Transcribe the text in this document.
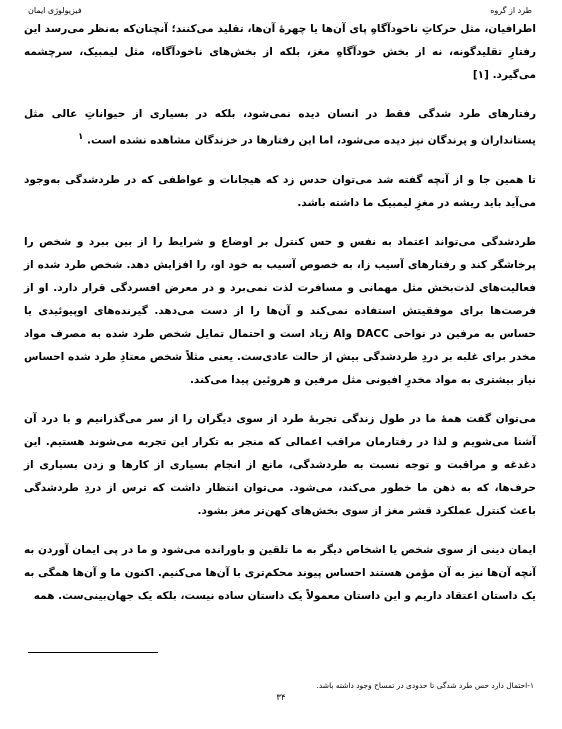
طرد از گروه
فیزیولوژی ایمان

اطرافیان، مثل حرکاتِ ناخودآگاهِ پای آن‌ها یا چهرهٔ آن‌ها، تقلید می‌کنند؛ آنچنان‌که به‌نظر می‌رسد این رفتارِ تقلیدگونه، نه از بخش خودآگاهِ مغز، بلکه از بخش‌های ناخودآگاه، مثل لیمبیک، سرچشمه می‌گیرد. [۱]

رفتارهای طرد شدگی فقط در انسان دیده نمی‌شود، بلکه در بسیاری از حیواناتِ عالی مثل پستانداران و پرندگان نیز دیده می‌شود، اما این رفتارها در خزندگان مشاهده نشده است. $^۱$

تا همین جا و از آنچه گفته شد می‌توان حدس زد که هیجانات و عواطفی که در طردشدگی به‌وجود می‌آید باید ریشه در مغزِ لیمبیک ما داشته باشد.

طردشدگی می‌تواند اعتماد به نفس و حس کنترل بر اوضاع و شرایط را از بین ببرد و شخص را پرخاشگر کند و رفتارهای آسیب زا، به خصوص آسیب به خود او، را افزایش دهد. شخص طرد شده از فعالیت‌های لذت‌بخش مثل مهمانی و مسافرت لذت نمی‌برد و در معرض افسردگی قرار دارد. او از فرصت‌ها برای موفقیتش استفاده نمی‌کند و آن‌ها را از دست می‌دهد. گیرنده‌های اوپیوئیدی یا حساس به مرفین در نواحی DACC وAI زیاد است و احتمال تمایل شخص طرد شده به مصرف مواد مخدر برای غلبه بر دردِ طردشدگی بیش از حالت عادی‌ست. یعنی مثلاً شخص معتادِ طرد شده احساس نیاز بیشتری به مواد مخدرِ افیونی مثل مرفین و هروئین پیدا می‌کند.

می‌توان گفت همهٔ ما در طول زندگی تجربهٔ طرد از سوی دیگران را از سر می‌گذرانیم و با درد آن آشنا می‌شویم و لذا در رفتارمان مراقب اعمالی که منجر به تکرار این تجربه می‌شوند هستیم. این دغدغه و مراقبت و توجه نسبت به طردشدگی، مانع از انجام بسیاری از کارها و زدن بسیاری از حرف‌ها، که به ذهن ما خطور می‌کند، می‌شود. می‌توان انتظار داشت که ترس از دردِ طردشدگی باعث کنترل عملکرد قشر مغز از سوی بخش‌های کهن‌تر مغز بشود.

ایمان دینی از سوی شخص یا اشخاص دیگر به ما تلقین و باورانده می‌شود و ما در پی ایمان آوردن به آنچه آن‌ها نیز به آن مؤمن هستند احساس پیوند محکم‌تری با آن‌ها می‌کنیم. اکنون ما و آن‌ها همگی به یک داستان اعتقاد داریم و این داستان معمولاً یک داستان ساده نیست، بلکه یک جهان‌بینی‌ست. همه

۱-احتمال دارد حس طرد شدگی تا حدودی در تمساح وجود داشته باشد.
۳۴
